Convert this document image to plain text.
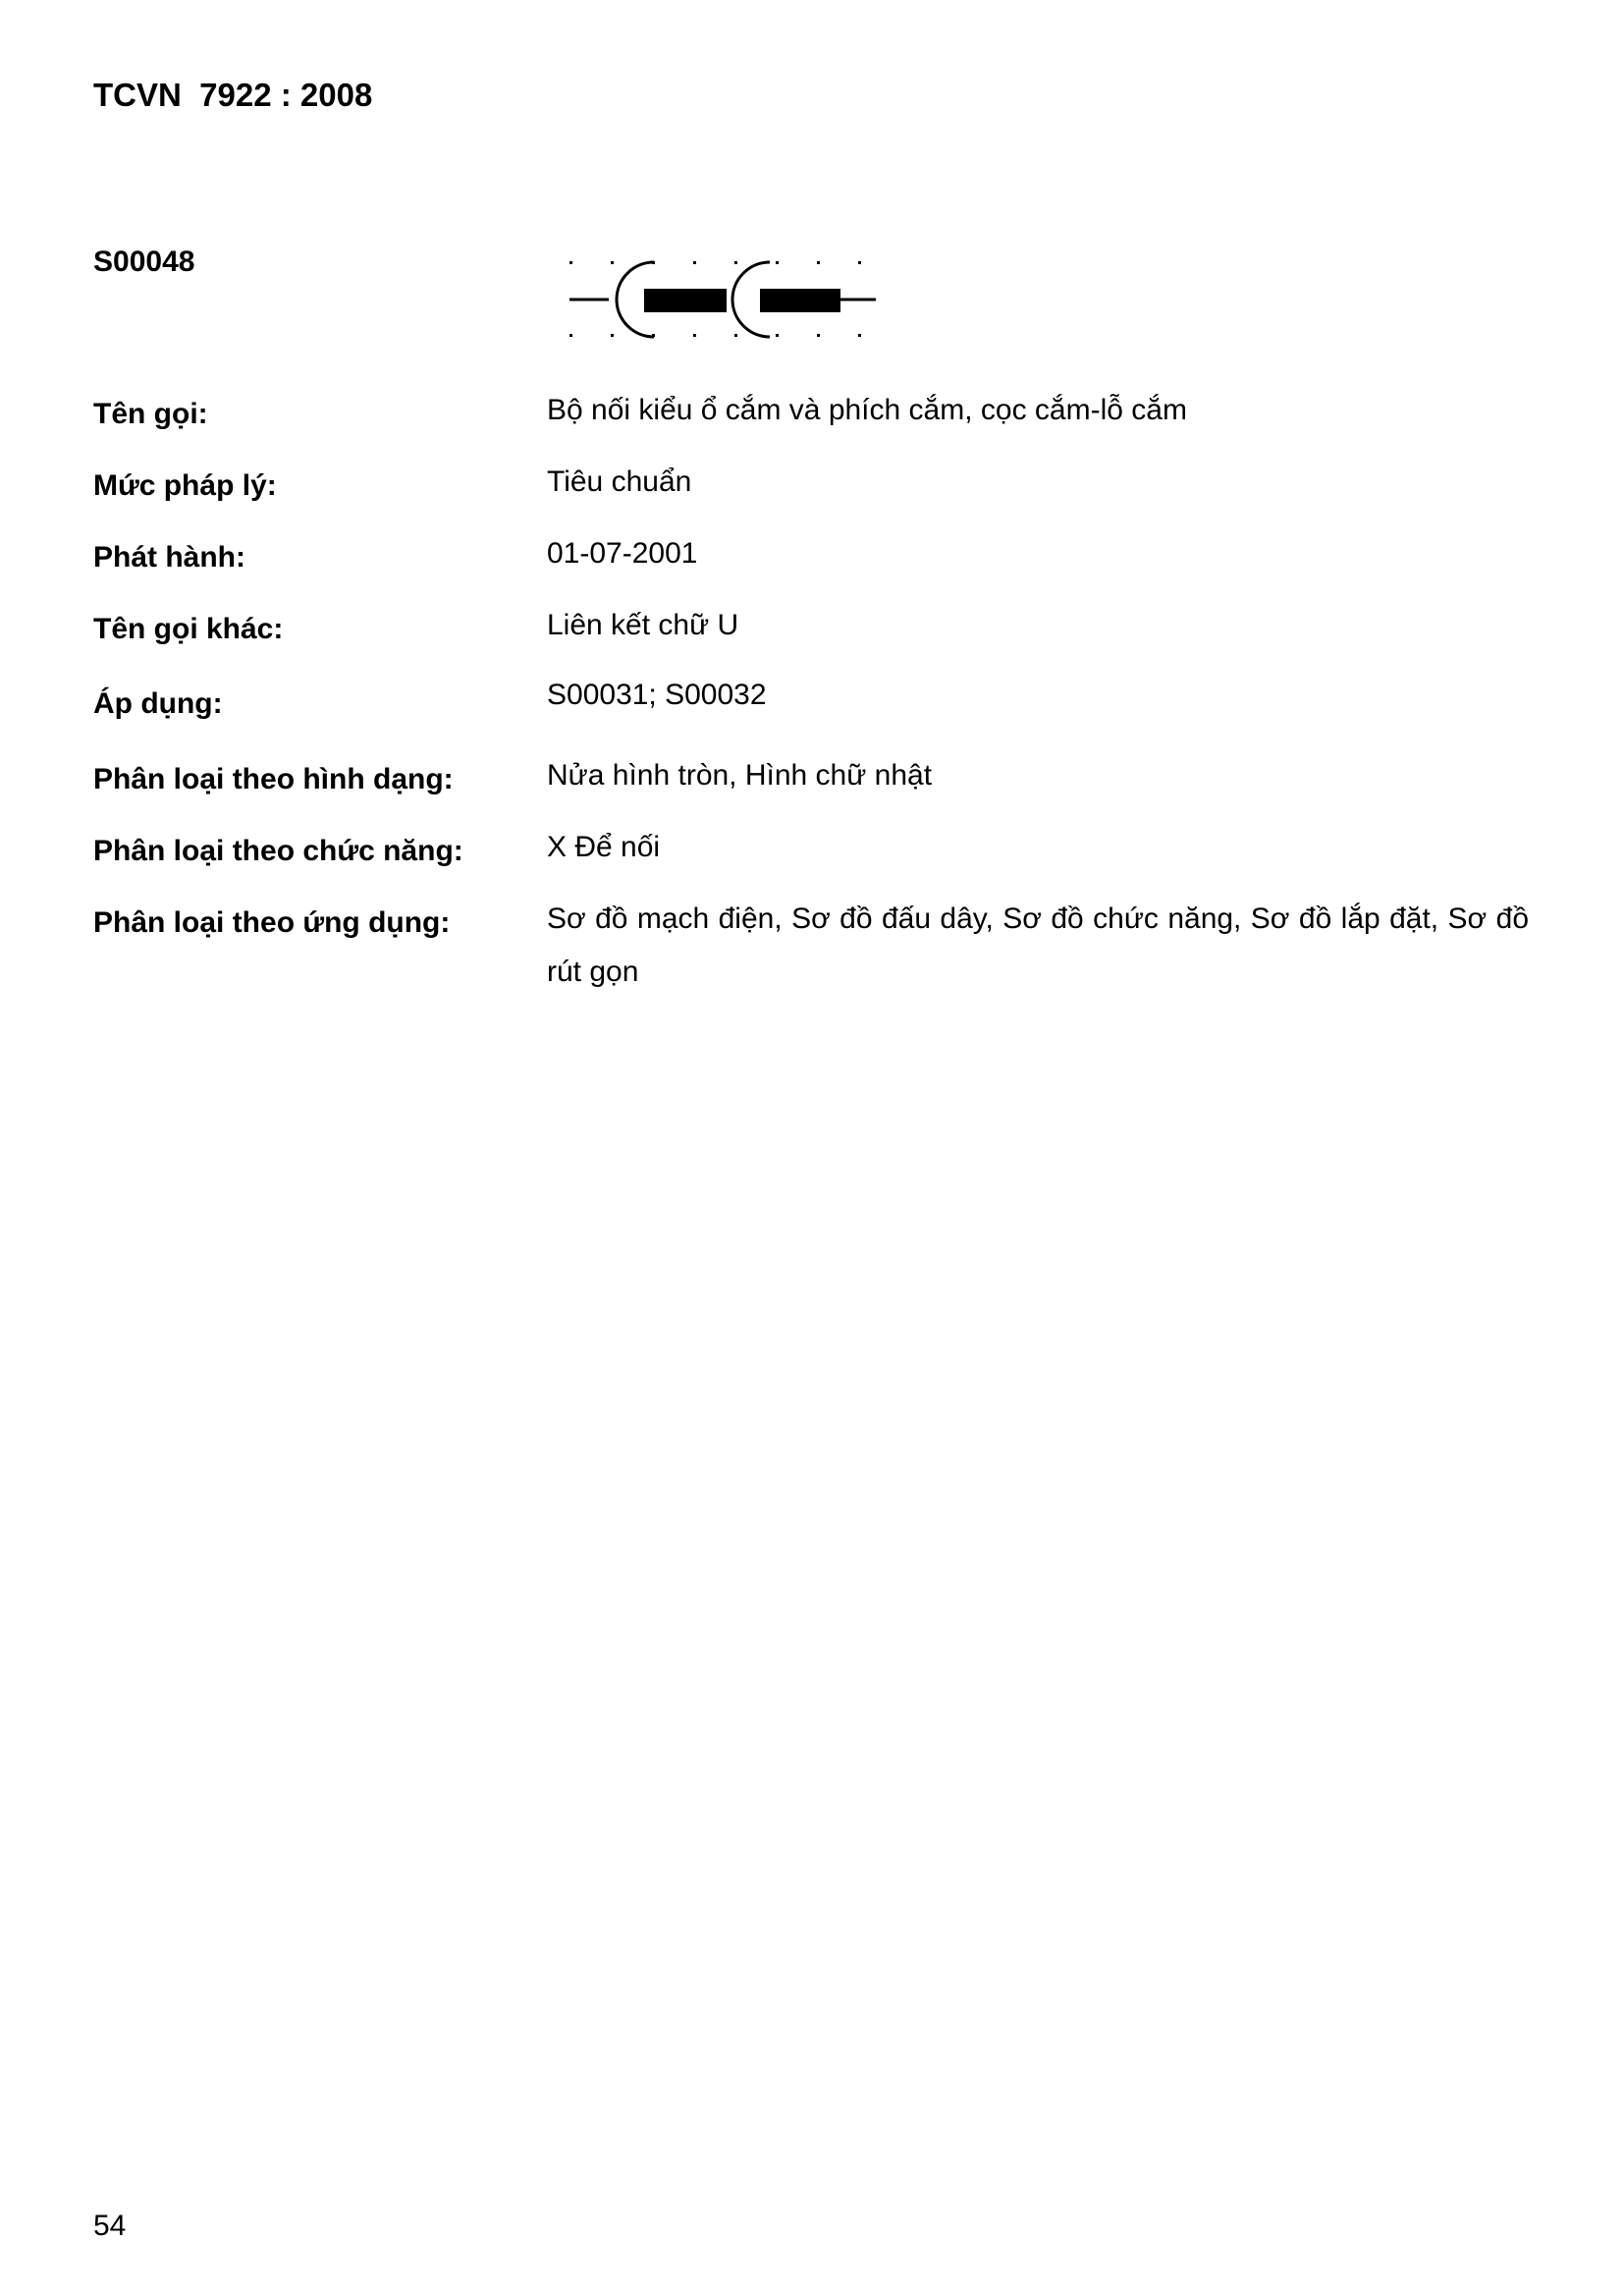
TCVN  7922 : 2008
S00048
Tên gọi:	Bộ nối kiểu ổ cắm và phích cắm, cọc cắm-lỗ cắm
Mức pháp lý:	Tiêu chuẩn
Phát hành:	01-07-2001
Tên gọi khác:	Liên kết chữ U
Áp dụng:	S00031; S00032
Phân loại theo hình dạng:	Nửa hình tròn, Hình chữ nhật
Phân loại theo chức năng:	X Để nối
Phân loại theo ứng dụng:	Sơ đồ mạch điện, Sơ đồ đấu dây, Sơ đồ chức năng, Sơ đồ lắp đặt, Sơ đồ rút gọn
54
